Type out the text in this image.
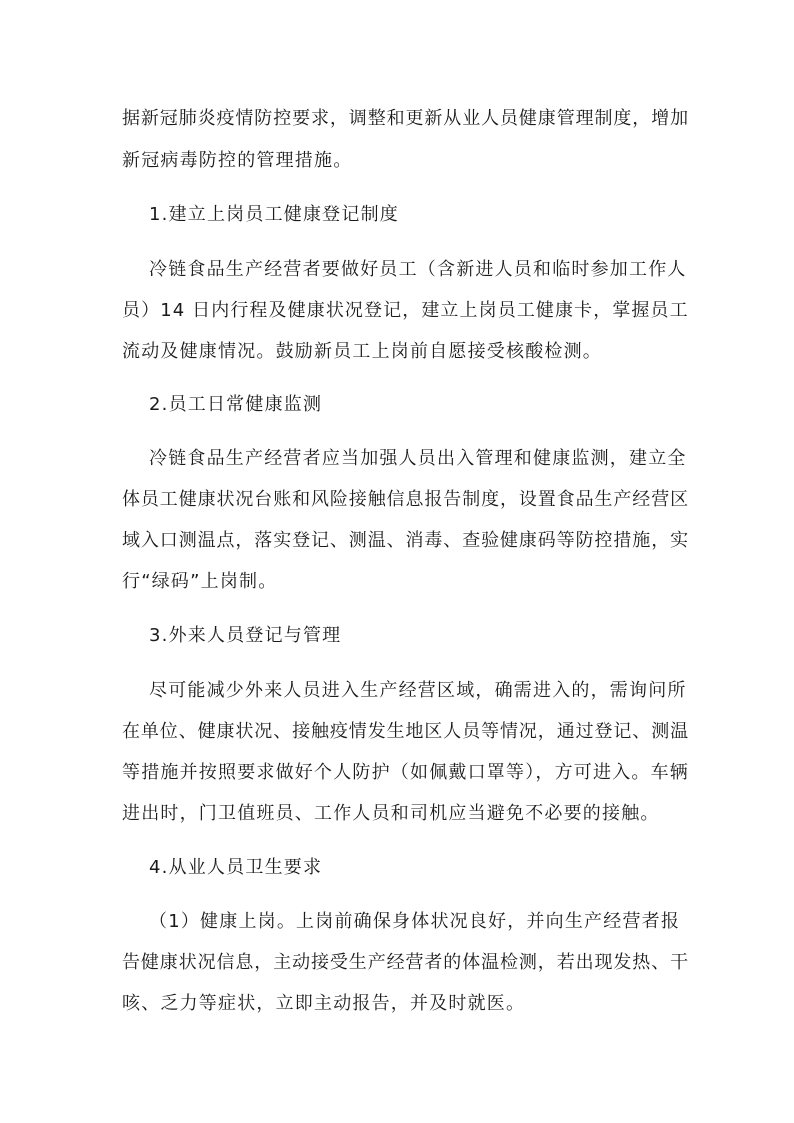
据新冠肺炎疫情防控要求，调整和更新从业人员健康管理制度，增加
新冠病毒防控的管理措施。
1.建立上岗员工健康登记制度
冷链食品生产经营者要做好员工（含新进人员和临时参加工作人
员）14 日内行程及健康状况登记，建立上岗员工健康卡，掌握员工
流动及健康情况。鼓励新员工上岗前自愿接受核酸检测。
2.员工日常健康监测
冷链食品生产经营者应当加强人员出入管理和健康监测，建立全
体员工健康状况台账和风险接触信息报告制度，设置食品生产经营区
域入口测温点，落实登记、测温、消毒、查验健康码等防控措施，实
行“绿码”上岗制。
3.外来人员登记与管理
尽可能减少外来人员进入生产经营区域，确需进入的，需询问所
在单位、健康状况、接触疫情发生地区人员等情况，通过登记、测温
等措施并按照要求做好个人防护（如佩戴口罩等），方可进入。车辆
进出时，门卫值班员、工作人员和司机应当避免不必要的接触。
4.从业人员卫生要求
（1）健康上岗。上岗前确保身体状况良好，并向生产经营者报
告健康状况信息，主动接受生产经营者的体温检测，若出现发热、干
咳、乏力等症状，立即主动报告，并及时就医。
